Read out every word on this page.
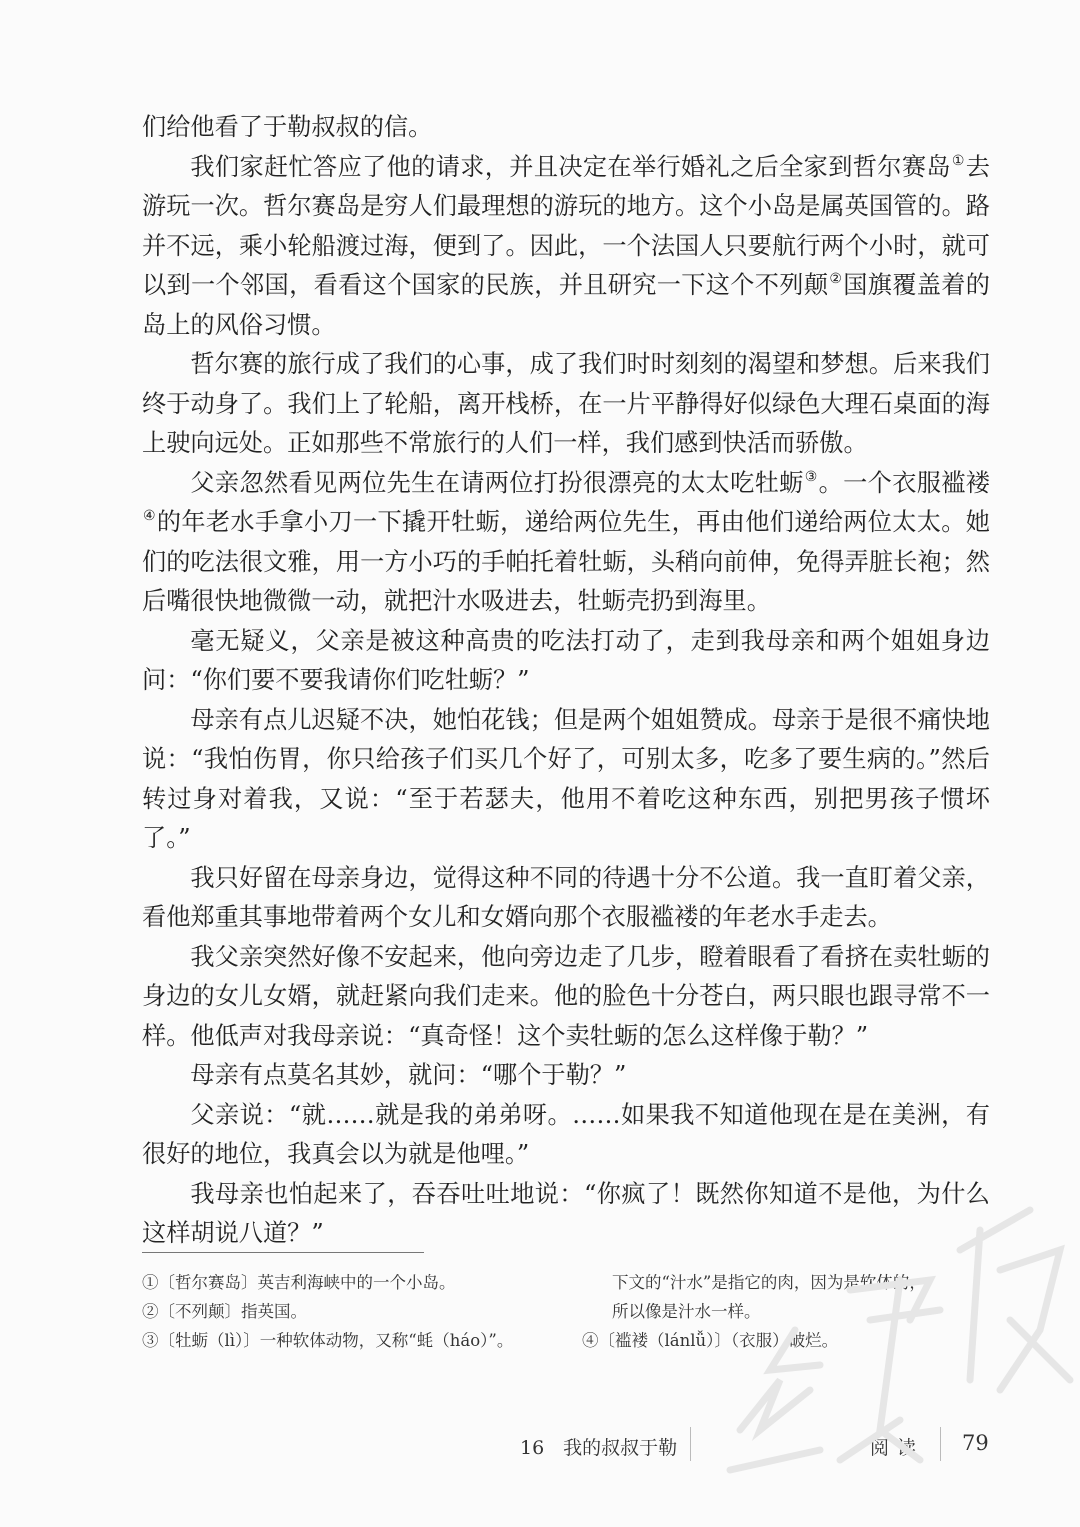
们给他看了于勒叔叔的信。

我们家赶忙答应了他的请求，并且决定在举行婚礼之后全家到哲尔赛岛①去游玩一次。哲尔赛岛是穷人们最理想的游玩的地方。这个小岛是属英国管的。路并不远，乘小轮船渡过海，便到了。因此，一个法国人只要航行两个小时，就可以到一个邻国，看看这个国家的民族，并且研究一下这个不列颠②国旗覆盖着的岛上的风俗习惯。

哲尔赛的旅行成了我们的心事，成了我们时时刻刻的渴望和梦想。后来我们终于动身了。我们上了轮船，离开栈桥，在一片平静得好似绿色大理石桌面的海上驶向远处。正如那些不常旅行的人们一样，我们感到快活而骄傲。

父亲忽然看见两位先生在请两位打扮很漂亮的太太吃牡蛎③。一个衣服褴褛④的年老水手拿小刀一下撬开牡蛎，递给两位先生，再由他们递给两位太太。她们的吃法很文雅，用一方小巧的手帕托着牡蛎，头稍向前伸，免得弄脏长袍；然后嘴很快地微微一动，就把汁水吸进去，牡蛎壳扔到海里。

毫无疑义，父亲是被这种高贵的吃法打动了，走到我母亲和两个姐姐身边问：“你们要不要我请你们吃牡蛎？”

母亲有点儿迟疑不决，她怕花钱；但是两个姐姐赞成。母亲于是很不痛快地说：“我怕伤胃，你只给孩子们买几个好了，可别太多，吃多了要生病的。”然后转过身对着我，又说：“至于若瑟夫，他用不着吃这种东西，别把男孩子惯坏了。”

我只好留在母亲身边，觉得这种不同的待遇十分不公道。我一直盯着父亲，看他郑重其事地带着两个女儿和女婿向那个衣服褴褛的年老水手走去。

我父亲突然好像不安起来，他向旁边走了几步，瞪着眼看了看挤在卖牡蛎的身边的女儿女婿，就赶紧向我们走来。他的脸色十分苍白，两只眼也跟寻常不一样。他低声对我母亲说：“真奇怪！这个卖牡蛎的怎么这样像于勒？”

母亲有点莫名其妙，就问：“哪个于勒？”

父亲说：“就……就是我的弟弟呀。……如果我不知道他现在是在美洲，有很好的地位，我真会以为就是他哩。”

我母亲也怕起来了，吞吞吐吐地说：“你疯了！既然你知道不是他，为什么这样胡说八道？”

①〔哲尔赛岛〕英吉利海峡中的一个小岛。
②〔不列颠〕指英国。
③〔牡蛎（lì）〕一种软体动物，又称“蚝（háo）”。
下文的“汁水”是指它的肉，因为是软体的，
所以像是汁水一样。
④〔褴褛（lánlǚ）〕（衣服）破烂。
16　我的叔叔于勒	阅读 79
